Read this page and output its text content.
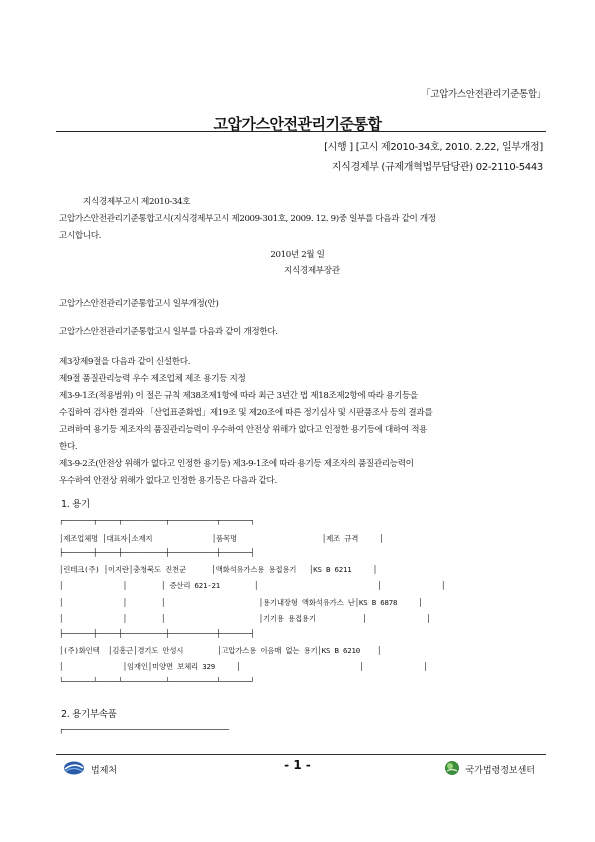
「고압가스안전관리기준통합」
고압가스안전관리기준통합
[시행 ] [고시 제2010-34호, 2010. 2.22, 일부개정]
지식경제부 (규제개혁법무담당관) 02-2110-5443
지식경제부고시 제2010-34호
고압가스안전관리기준통합고시(지식경제부고시 제2009-301호, 2009. 12. 9)중 일부를 다음과 같이 개정
고시합니다.
2010년 2월 일
지식경제부장관
고압가스안전관리기준통합고시 일부개정(안)
고압가스안전관리기준통합고시 일부를 다음과 같이 개정한다.
제3장제9절을 다음과 같이 신설한다.
제9절 품질관리능력 우수 제조업체 제조 용기등 지정
제3-9-1조(적용범위) 이 절은 규칙 제38조제1항에 따라 최근 3년간 법 제18조제2항에 따라 용기등을
수집하여 검사한 결과와 「산업표준화법」제19조 및 제20조에 따른 정기심사 및 시판품조사 등의 결과를
고려하여 용기등 제조자의 품질관리능력이 우수하여 안전상 위해가 없다고 인정한 용기등에 대하여 적용
한다.
제3-9-2조(안전상 위해가 없다고 인정한 용기등) 제3-9-1조에 따라 용기등 제조자의 품질관리능력이
우수하여 안전상 위해가 없다고 인정한 용기등은 다음과 같다.
1. 용기
┌───────┬─────┬──────────┬───────────┬───────┐
│제조업체명 │대표자│소재지              │품목명                    │제조 규격     │
├───────┼─────┼──────────┼───────────┼───────┤
│린테크(주) │이지란│충청북도 진천군      │액화석유가스용 용접용기   │KS B 6211     │
│              │        │ 증산리 621-21        │                            │              │
│              │        │                      │용기내장형 액화석유가스 난│KS B 6878     │
│              │        │                      │기기용 용접용기           │              │
├───────┼─────┼──────────┼───────────┼───────┤
│(주)화인텍  │김흥근│경기도 안성시        │고압가스용 이음매 없는 용기│KS B 6210    │
│              │임재인│미양면 보체리 329     │                            │              │
└───────┴─────┴──────────┴───────────┴───────┘
2. 용기부속품
┌───────────────────────────────────────
법제처	- 1 -	국가법령정보센터
